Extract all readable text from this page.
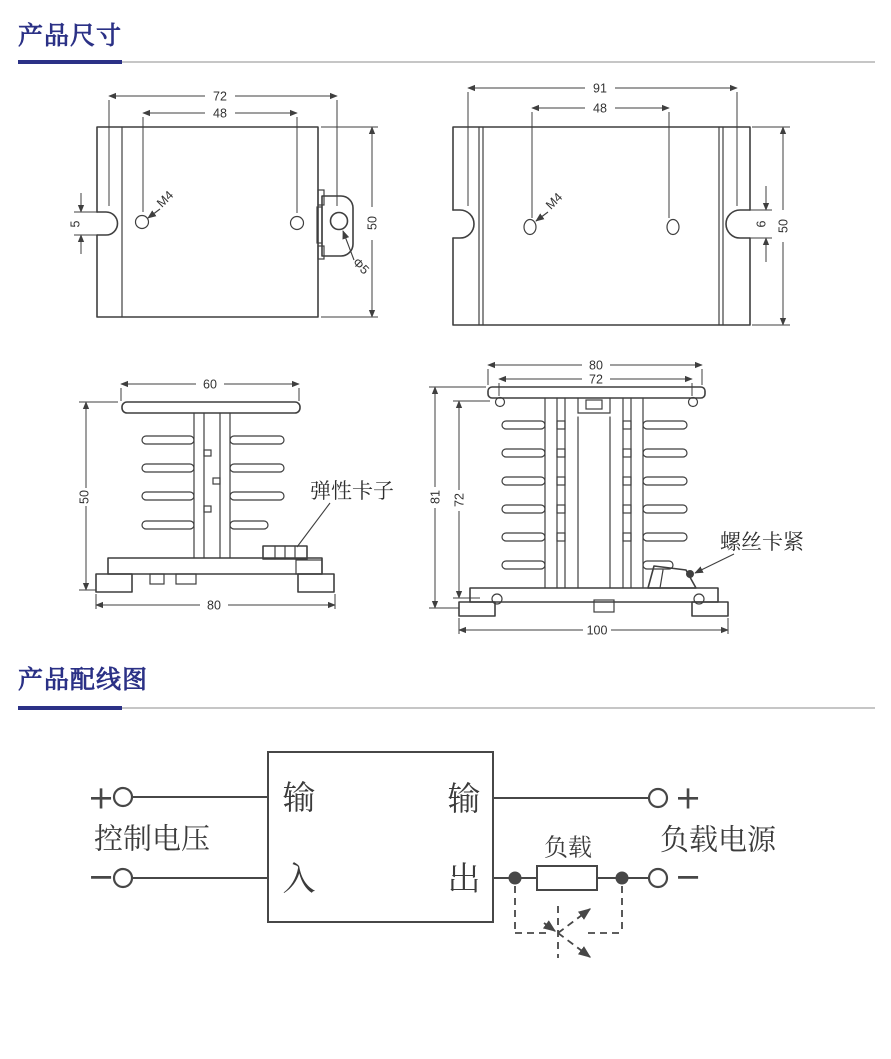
产品尺寸
72
48
M4
Φ5
5	50
91
48
M4
6 50
60
弹性卡子
50
80
80
72
螺丝卡紧
81 72
100
产品配线图
输
入
输
出
+
−
控制电压
+
负载电源
负载
−
